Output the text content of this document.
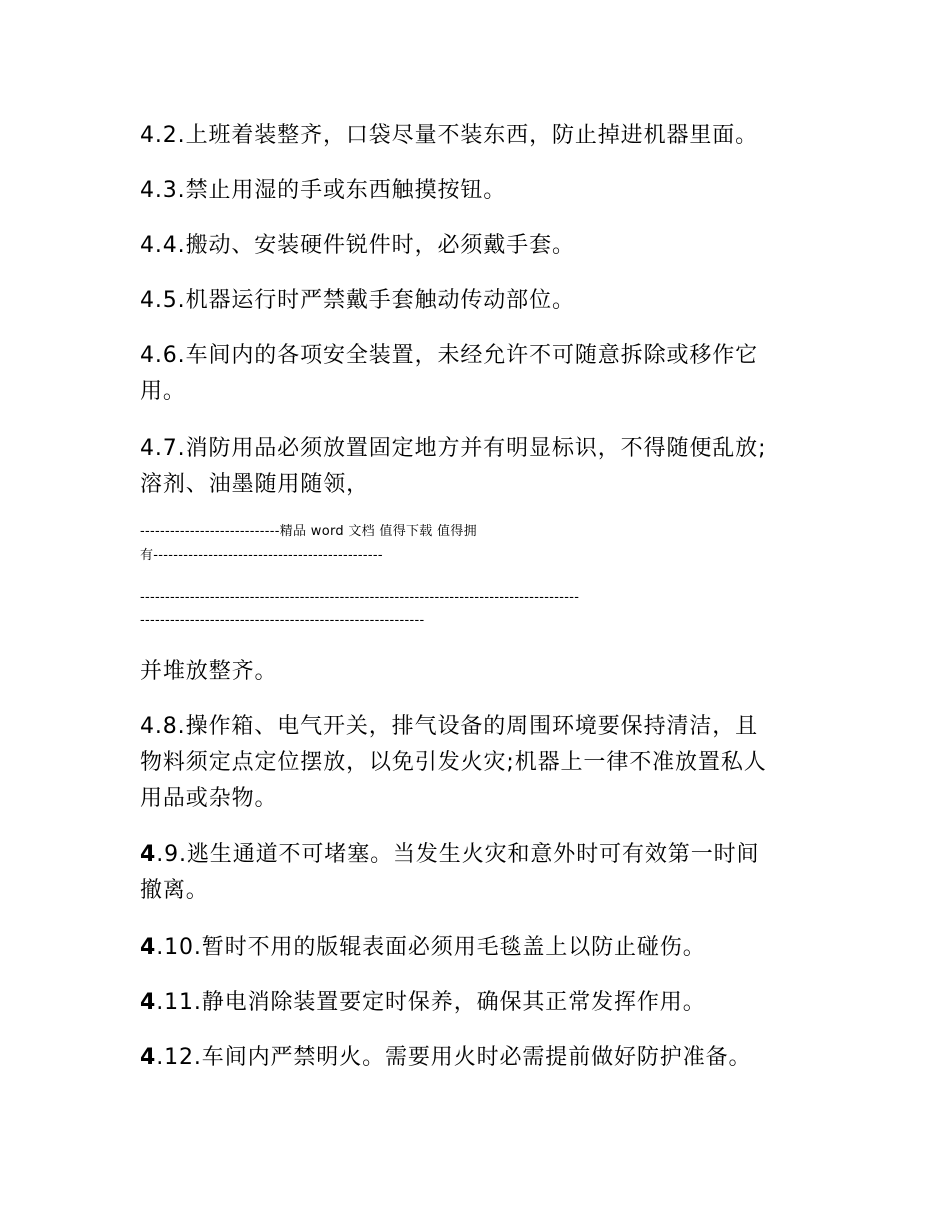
4.2.上班着装整齐，口袋尽量不装东西，防止掉进机器里面。

4.3.禁止用湿的手或东西触摸按钮。

4.4.搬动、安装硬件锐件时，必须戴手套。

4.5.机器运行时严禁戴手套触动传动部位。

4.6.车间内的各项安全装置，未经允许不可随意拆除或移作它
用。

4.7.消防用品必须放置固定地方并有明显标识，不得随便乱放;
溶剂、油墨随用随领，

----------------------------精品 word 文档 值得下载 值得拥
有----------------------------------------------
----------------------------------------------------------------------------------------
---------------------------------------------------------

并堆放整齐。

4.8.操作箱、电气开关，排气设备的周围环境要保持清洁，且
物料须定点定位摆放，以免引发火灾;机器上一律不准放置私人
用品或杂物。

4.9.逃生通道不可堵塞。当发生火灾和意外时可有效第一时间
撤离。

4.10.暂时不用的版辊表面必须用毛毯盖上以防止碰伤。

4.11.静电消除装置要定时保养，确保其正常发挥作用。

4.12.车间内严禁明火。需要用火时必需提前做好防护准备。
